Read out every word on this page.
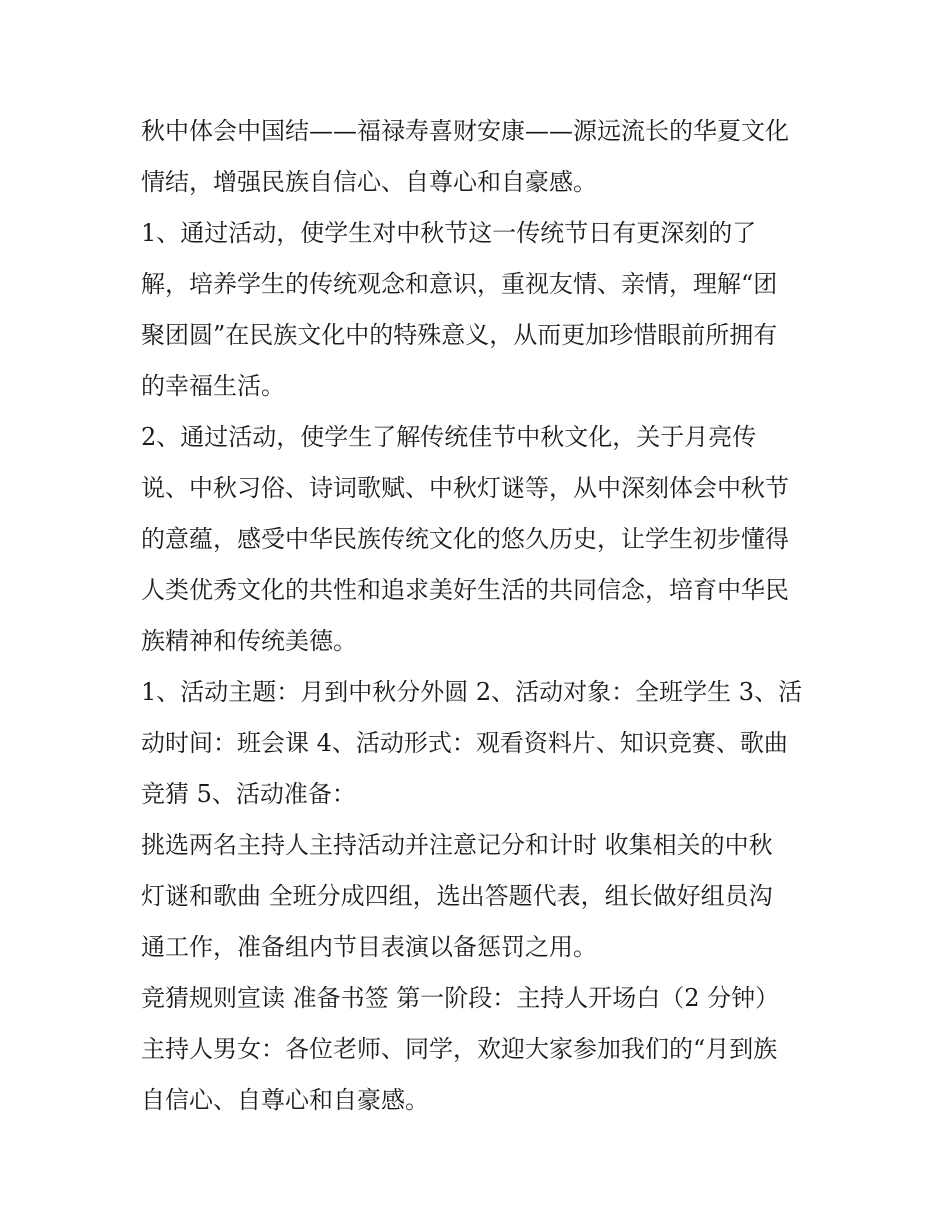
秋中体会中国结——福禄寿喜财安康——源远流长的华夏文化
情结，增强民族自信心、自尊心和自豪感。
1、通过活动，使学生对中秋节这一传统节日有更深刻的了
解，培养学生的传统观念和意识，重视友情、亲情，理解“团
聚团圆”在民族文化中的特殊意义，从而更加珍惜眼前所拥有
的幸福生活。
2、通过活动，使学生了解传统佳节中秋文化，关于月亮传
说、中秋习俗、诗词歌赋、中秋灯谜等，从中深刻体会中秋节
的意蕴，感受中华民族传统文化的悠久历史，让学生初步懂得
人类优秀文化的共性和追求美好生活的共同信念，培育中华民
族精神和传统美德。
1、活动主题：月到中秋分外圆 2、活动对象：全班学生 3、活
动时间：班会课 4、活动形式：观看资料片、知识竞赛、歌曲
竞猜 5、活动准备：
挑选两名主持人主持活动并注意记分和计时 收集相关的中秋
灯谜和歌曲 全班分成四组，选出答题代表，组长做好组员沟
通工作，准备组内节目表演以备惩罚之用。
竞猜规则宣读 准备书签 第一阶段：主持人开场白（2 分钟）
主持人男女：各位老师、同学，欢迎大家参加我们的“月到族
自信心、自尊心和自豪感。
